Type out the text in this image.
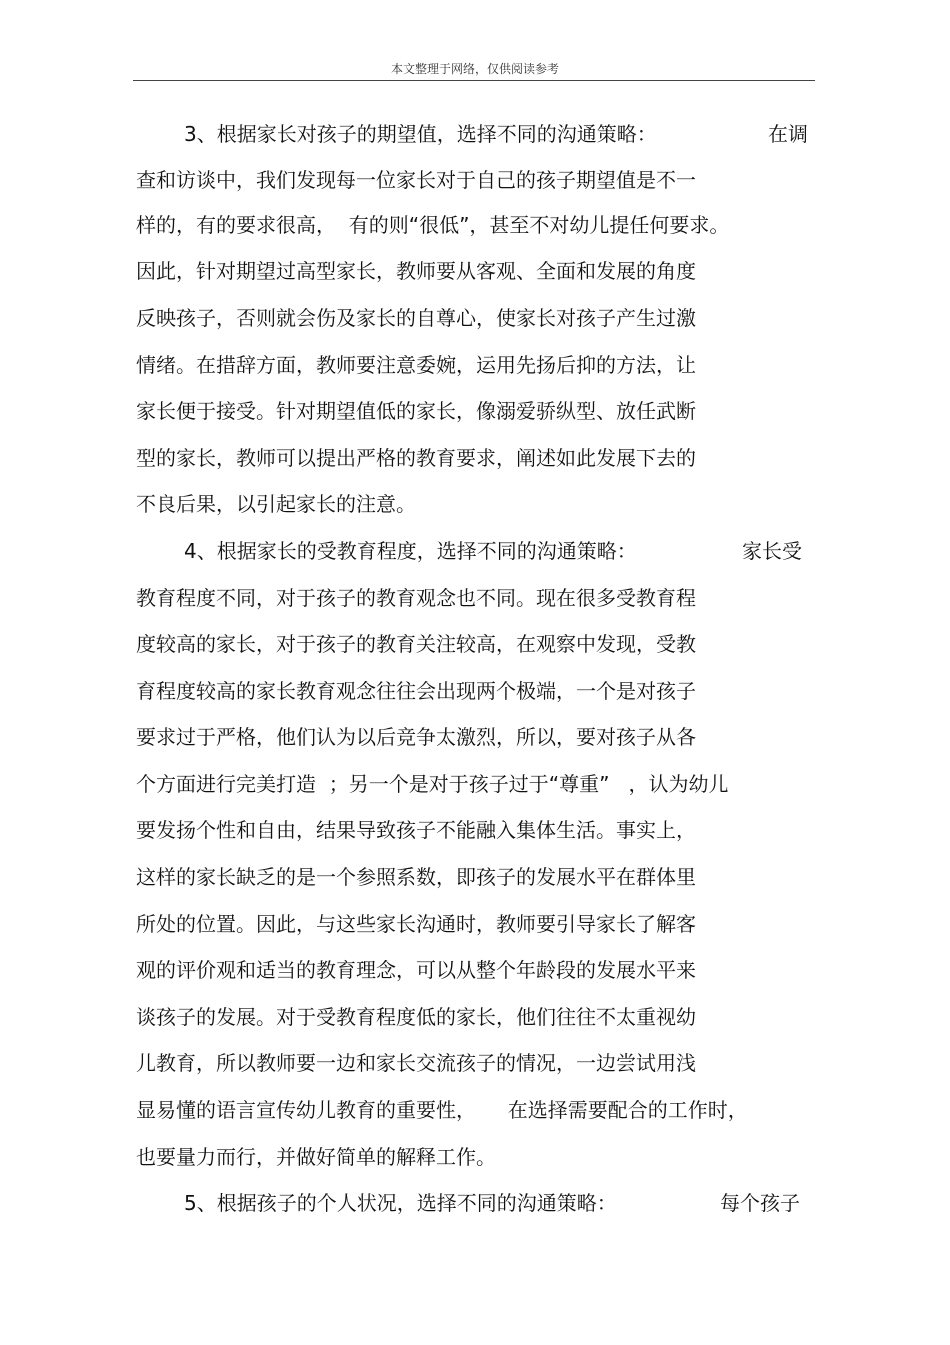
本文整理于网络，仅供阅读参考
3、根据家长对孩子的期望值，选择不同的沟通策略：	在调
查和访谈中，我们发现每一位家长对于自己的孩子期望值是不一
样的，有的要求很高，  有的则“很低”，甚至不对幼儿提任何要求。
因此，针对期望过高型家长，教师要从客观、全面和发展的角度
反映孩子，否则就会伤及家长的自尊心，使家长对孩子产生过激
情绪。在措辞方面，教师要注意委婉，运用先扬后抑的方法，让
家长便于接受。针对期望值低的家长，像溺爱骄纵型、放任武断
型的家长，教师可以提出严格的教育要求，阐述如此发展下去的
不良后果，以引起家长的注意。
4、根据家长的受教育程度，选择不同的沟通策略：	家长受
教育程度不同，对于孩子的教育观念也不同。现在很多受教育程
度较高的家长，对于孩子的教育关注较高，在观察中发现，受教
育程度较高的家长教育观念往往会出现两个极端，一个是对孩子
要求过于严格，他们认为以后竞争太激烈，所以，要对孩子从各
个方面进行完美打造  ；另一个是对于孩子过于“尊重”   ，认为幼儿
要发扬个性和自由，结果导致孩子不能融入集体生活。事实上，
这样的家长缺乏的是一个参照系数，即孩子的发展水平在群体里
所处的位置。因此，与这些家长沟通时，教师要引导家长了解客
观的评价观和适当的教育理念，可以从整个年龄段的发展水平来
谈孩子的发展。对于受教育程度低的家长，他们往往不太重视幼
儿教育，所以教师要一边和家长交流孩子的情况，一边尝试用浅
显易懂的语言宣传幼儿教育的重要性，     在选择需要配合的工作时，
也要量力而行，并做好简单的解释工作。
5、根据孩子的个人状况，选择不同的沟通策略：	每个孩子
